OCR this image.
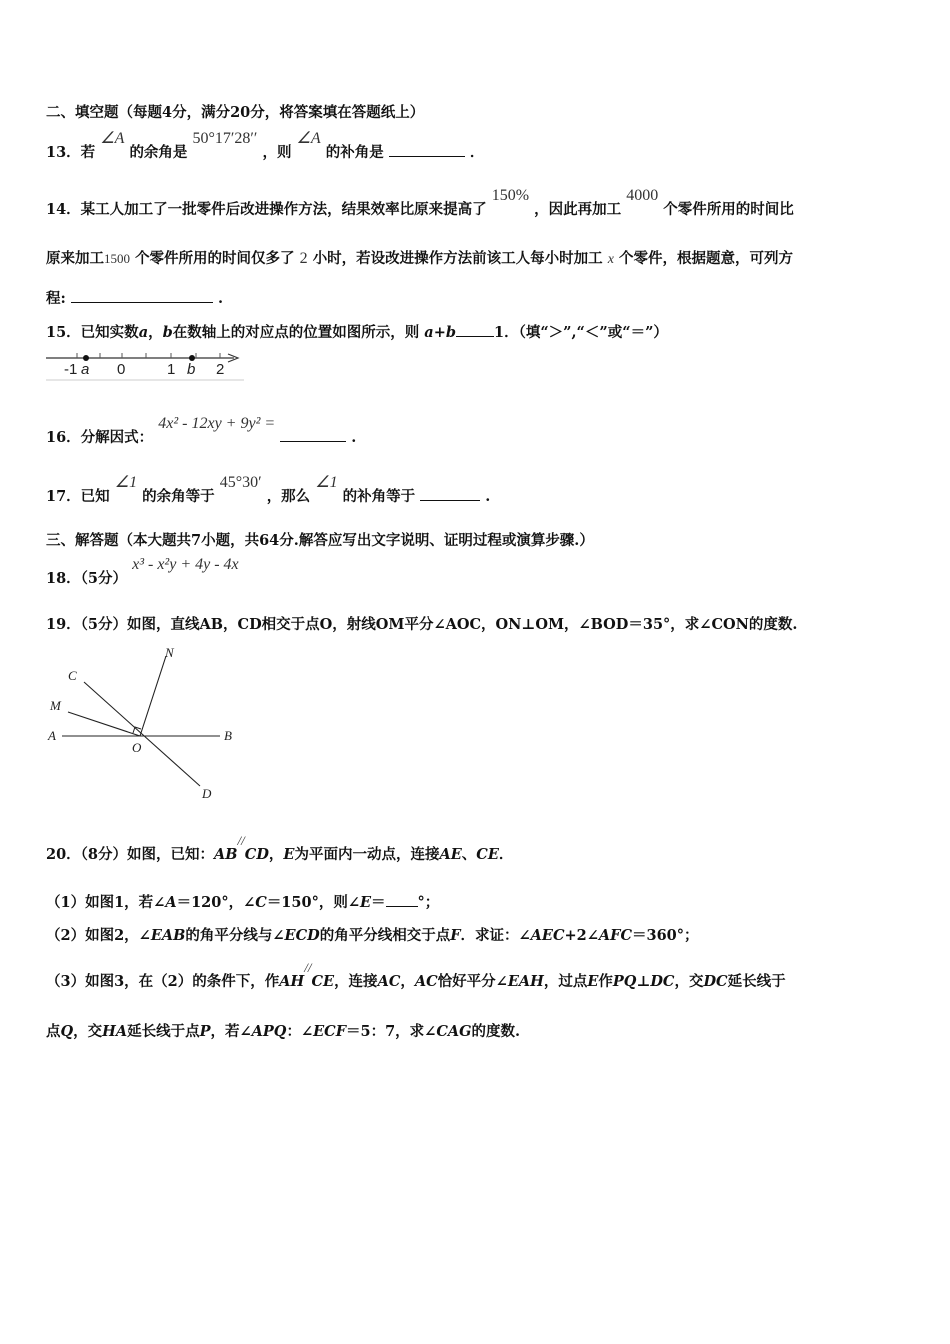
二、填空题（每题4分，满分20分，将答案填在答题纸上）
13．若 ∠A 的余角是 50°17′28′′ ，则 ∠A 的补角是	．
14．某工人加工了一批零件后改进操作方法，结果效率比原来提高了 150% ，因此再加工 4000 个零件所用的时间比
原来加工1500 个零件所用的时间仅多了 2 小时，若设改进操作方法前该工人每小时加工 x 个零件，根据题意，可列方
程:	.
15．已知实数a，b在数轴上的对应点的位置如图所示，则 a+b	1．（填“＞”,“＜”或“＝”）
-1 a 0	1 b 2
16．分解因式： 4x² - 12xy + 9y² =  .
17．已知 ∠1 的余角等于 45°30′ ，那么 ∠1 的补角等于	.
三、解答题（本大题共7小题，共64分.解答应写出文字说明、证明过程或演算步骤.）
18．（5分） x³ - x²y + 4y - 4x
19．（5分）如图，直线AB，CD相交于点O，射线OM平分∠AOC，ON⊥OM，∠BOD＝35°，求∠CON的度数.
N
C
M
A
O
B
D
20．（8分）如图，已知：AB//CD，E为平面内一动点，连接AE、CE．
（1）如图1，若∠A＝120°，∠C＝150°，则∠E＝ °；
（2）如图2，∠EAB的角平分线与∠ECD的角平分线相交于点F．求证：∠AEC+2∠AFC＝360°；
（3）如图3，在（2）的条件下，作AH//CE，连接AC，AC恰好平分∠EAH，过点E作PQ⊥DC，交DC延长线于
点Q，交HA延长线于点P，若∠APQ：∠ECF＝5：7，求∠CAG的度数.
